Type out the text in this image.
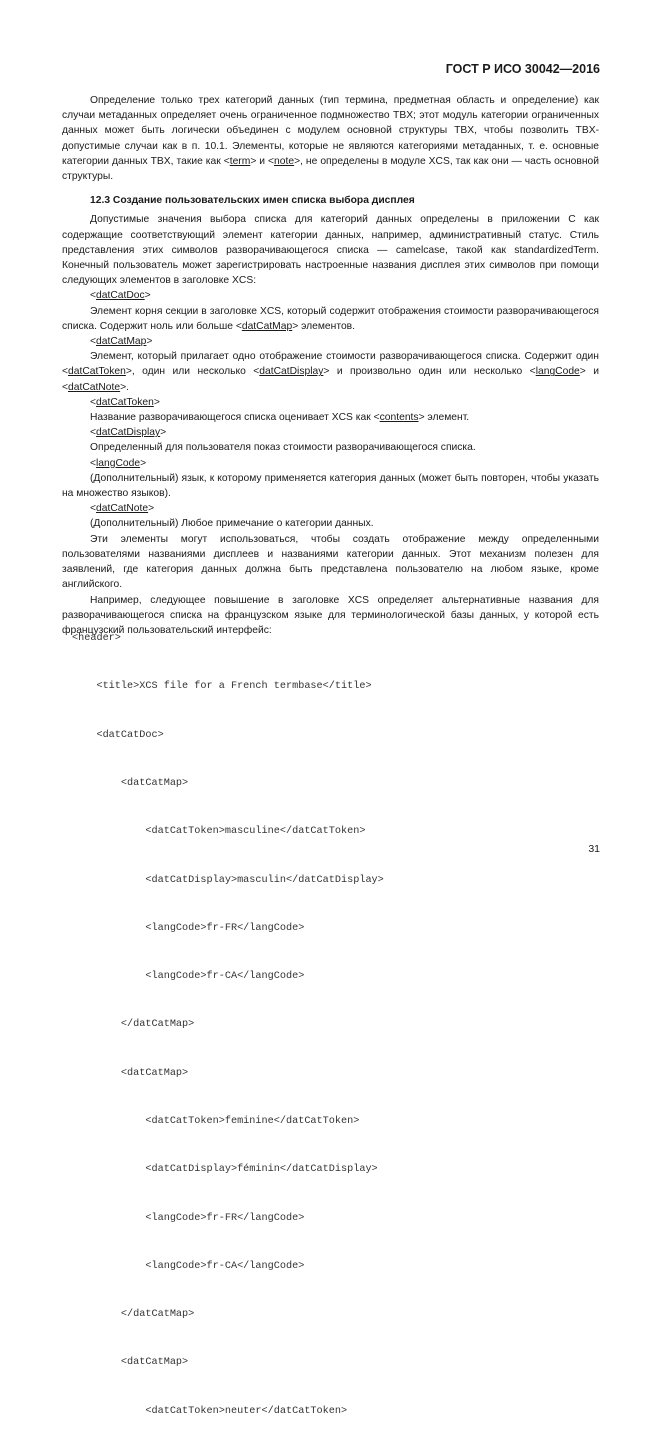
ГОСТ Р ИСО 30042—2016

Определение только трех категорий данных (тип термина, предметная область и определение) как случаи метаданных определяет очень ограниченное подмножество TBX; этот модуль категории ограниченных данных может быть логически объединен с модулем основной структуры TBX, чтобы позволить TBX-допустимые случаи как в п. 10.1. Элементы, которые не являются категориями метаданных, т. е. основные категории данных TBX, такие как <term> и <note>, не определены в модуле XCS, так как они — часть основной структуры.

12.3 Создание пользовательских имен списка выбора дисплея

Допустимые значения выбора списка для категорий данных определены в приложении C как содержащие соответствующий элемент категории данных, например, административный статус. Стиль представления этих символов разворачивающегося списка — camelcase, такой как standardizedTerm. Конечный пользователь может зарегистрировать настроенные названия дисплея этих символов при помощи следующих элементов в заголовке XCS:

<datCatDoc>

Элемент корня секции в заголовке XCS, который содержит отображения стоимости разворачивающегося списка. Содержит ноль или больше <datCatMap> элементов.

<datCatMap>

Элемент, который прилагает одно отображение стоимости разворачивающегося списка. Содержит один <datCatToken>, один или несколько <datCatDisplay> и произвольно один или несколько <langCode> и <datCatNote>.

<datCatToken>

Название разворачивающегося списка оценивает XCS как <contents> элемент.

<datCatDisplay>

Определенный для пользователя показ стоимости разворачивающегося списка.

<langCode>

(Дополнительный) язык, к которому применяется категория данных (может быть повторен, чтобы указать на множество языков).

<datCatNote>

(Дополнительный) Любое примечание о категории данных.

Эти элементы могут использоваться, чтобы создать отображение между определенными пользователями названиями дисплеев и названиями категории данных. Этот механизм полезен для заявлений, где категория данных должна быть представлена пользователю на любом языке, кроме английского.

Например, следующее повышение в заголовке XCS определяет альтернативные названия для разворачивающегося списка на французском языке для терминологической базы данных, у которой есть французский пользовательский интерфейс:

<header>

<title>XCS file for a French termbase</title>

<datCatDoc>

<datCatMap>

<datCatToken>masculine</datCatToken>

<datCatDisplay>masculin</datCatDisplay>

<langCode>fr-FR</langCode>

<langCode>fr-CA</langCode>

</datCatMap>

<datCatMap>

<datCatToken>feminine</datCatToken>

<datCatDisplay>féminin</datCatDisplay>

<langCode>fr-FR</langCode>

<langCode>fr-CA</langCode>

</datCatMap>

<datCatMap>

<datCatToken>neuter</datCatToken>

31
